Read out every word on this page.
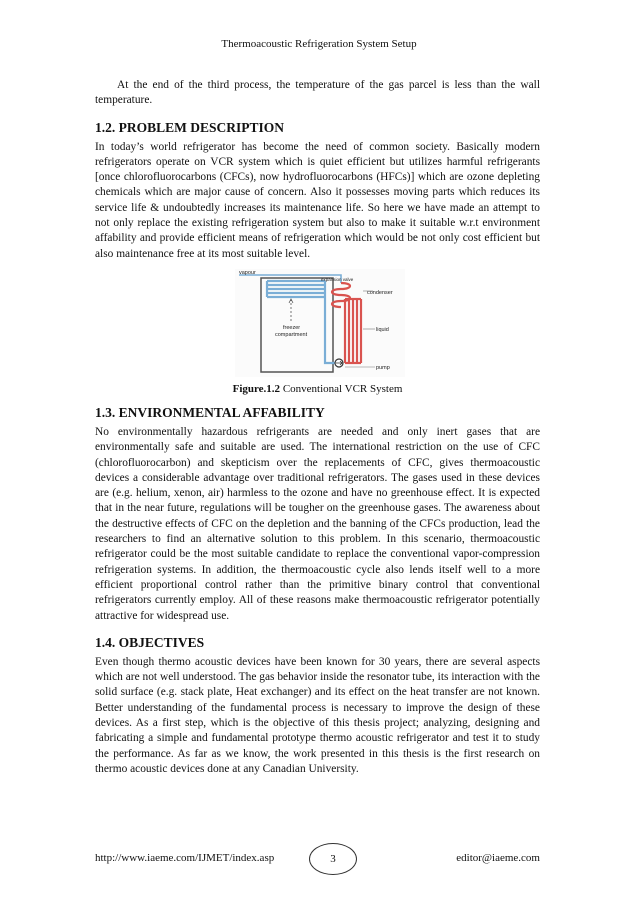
Thermoacoustic Refrigeration System Setup

At the end of the third process, the temperature of the gas parcel is less than the wall temperature.

1.2. PROBLEM DESCRIPTION

In today’s world refrigerator has become the need of common society. Basically modern refrigerators operate on VCR system which is quiet efficient but utilizes harmful refrigerants [once chlorofluorocarbons (CFCs), now hydrofluorocarbons (HFCs)] which are ozone depleting chemicals which are major cause of concern. Also it possesses moving parts which reduces its service life & undoubtedly increases its maintenance life. So here we have made an attempt to not only replace the existing refrigeration system but also to make it suitable w.r.t environment affability and provide efficient means of refrigeration which would be not only cost efficient but also maintenance free at its most suitable level.

vapour
expansion valve
condenser
freezer
compartment
liquid
pump
Figure.1.2 Conventional VCR System
1.3. ENVIRONMENTAL AFFABILITY

No environmentally hazardous refrigerants are needed and only inert gases that are environmentally safe and suitable are used. The international restriction on the use of CFC (chlorofluorocarbon) and skepticism over the replacements of CFC, gives thermoacoustic devices a considerable advantage over traditional refrigerators. The gases used in these devices are (e.g. helium, xenon, air) harmless to the ozone and have no greenhouse effect. It is expected that in the near future, regulations will be tougher on the greenhouse gases. The awareness about the destructive effects of CFC on the depletion and the banning of the CFCs production, lead the researchers to find an alternative solution to this problem. In this scenario, thermoacoustic refrigerator could be the most suitable candidate to replace the conventional vapor-compression refrigeration systems. In addition, the thermoacoustic cycle also lends itself well to a more efficient proportional control rather than the primitive binary control that conventional refrigerators currently employ. All of these reasons make thermoacoustic refrigerator potentially attractive for widespread use.

1.4. OBJECTIVES

Even though thermo acoustic devices have been known for 30 years, there are several aspects which are not well understood. The gas behavior inside the resonator tube, its interaction with the solid surface (e.g. stack plate, Heat exchanger) and its effect on the heat transfer are not known. Better understanding of the fundamental process is necessary to improve the design of these devices. As a first step, which is the objective of this thesis project; analyzing, designing and fabricating a simple and fundamental prototype thermo acoustic refrigerator and test it to study the performance. As far as we know, the work presented in this thesis is the first research on thermo acoustic devices done at any Canadian University.

http://www.iaeme.com/IJMET/index.asp	3	editor@iaeme.com
